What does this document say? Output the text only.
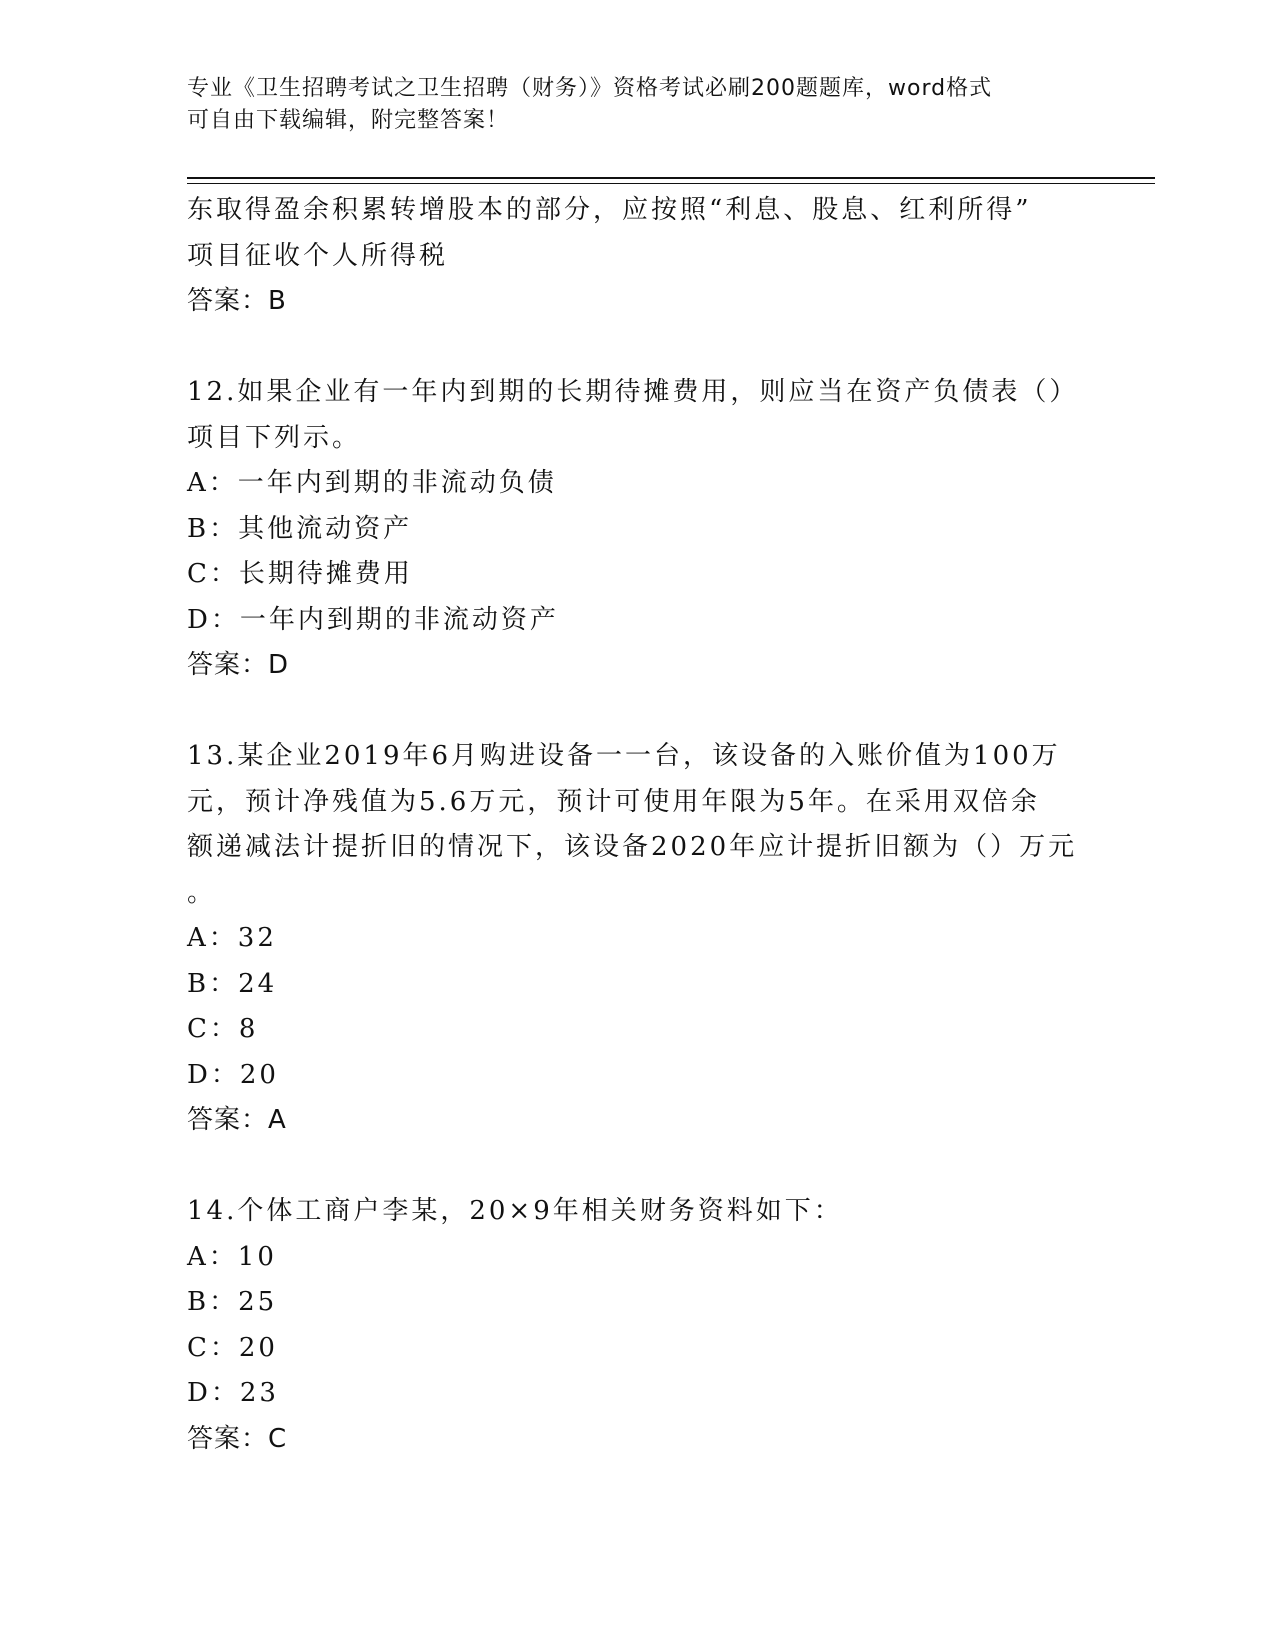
专业《卫生招聘考试之卫生招聘（财务）》资格考试必刷200题题库，word格式
可自由下载编辑，附完整答案！
东取得盈余积累转增股本的部分，应按照“利息、股息、红利所得”
项目征收个人所得税
答案：B
12.如果企业有一年内到期的长期待摊费用，则应当在资产负债表（）
项目下列示。
A：一年内到期的非流动负债
B：其他流动资产
C：长期待摊费用
D：一年内到期的非流动资产
答案：D
13.某企业2019年6月购进设备一一台，该设备的入账价值为100万
元，预计净残值为5.6万元，预计可使用年限为5年。在采用双倍余
额递减法计提折旧的情况下，该设备2020年应计提折旧额为（）万元
。
A：32
B：24
C：8
D：20
答案：A
14.个体工商户李某，20×9年相关财务资料如下：
A：10
B：25
C：20
D：23
答案：C
